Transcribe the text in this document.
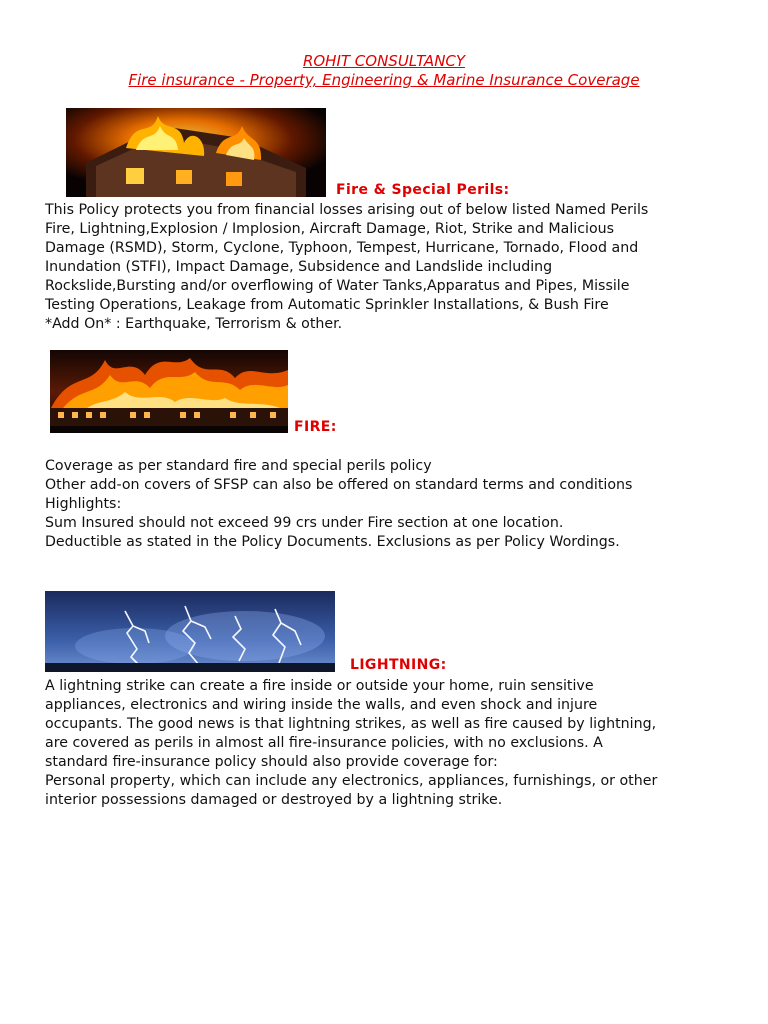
ROHIT CONSULTANCY
Fire insurance - Property, Engineering & Marine Insurance Coverage
Fire & Special Perils:
This Policy protects you from financial losses arising out of below listed Named Perils
Fire, Lightning,Explosion / Implosion, Aircraft Damage, Riot, Strike and Malicious
Damage (RSMD), Storm, Cyclone, Typhoon, Tempest, Hurricane, Tornado, Flood and
Inundation (STFI), Impact Damage, Subsidence and Landslide including
Rockslide,Bursting and/or overflowing of Water Tanks,Apparatus and Pipes, Missile
Testing Operations, Leakage from Automatic Sprinkler Installations, & Bush Fire
*Add On* : Earthquake, Terrorism & other.
FIRE:
Coverage as per standard fire and special perils policy
Other add-on covers of SFSP can also be offered on standard terms and conditions
Highlights:
Sum Insured should not exceed 99 crs under Fire section at one location.
Deductible as stated in the Policy Documents. Exclusions as per Policy Wordings.
LIGHTNING:
A lightning strike can create a fire inside or outside your home, ruin sensitive
appliances, electronics and wiring inside the walls, and even shock and injure
occupants. The good news is that lightning strikes, as well as fire caused by lightning,
are covered as perils in almost all fire-insurance policies, with no exclusions. A
standard fire-insurance policy should also provide coverage for:
Personal property, which can include any electronics, appliances, furnishings, or other
interior possessions damaged or destroyed by a lightning strike.
